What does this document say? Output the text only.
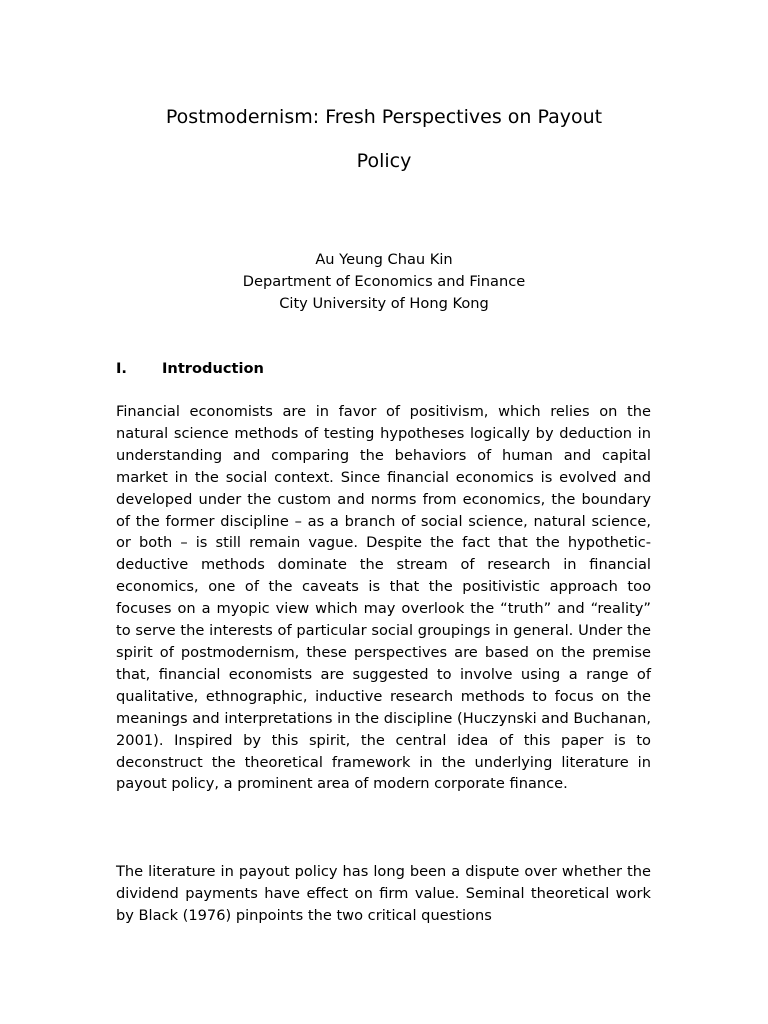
Postmodernism: Fresh Perspectives on Payout
Policy
Au Yeung Chau Kin
Department of Economics and Finance
City University of Hong Kong
I. Introduction

Financial economists are in favor of positivism, which relies on the natural science methods of testing hypotheses logically by deduction in understanding and comparing the behaviors of human and capital market in the social context. Since financial economics is evolved and developed under the custom and norms from economics, the boundary of the former discipline – as a branch of social science, natural science, or both – is still remain vague. Despite the fact that the hypothetic-deductive methods dominate the stream of research in financial economics, one of the caveats is that the positivistic approach too focuses on a myopic view which may overlook the “truth” and “reality” to serve the interests of particular social groupings in general. Under the spirit of postmodernism, these perspectives are based on the premise that, financial economists are suggested to involve using a range of qualitative, ethnographic, inductive research methods to focus on the meanings and interpretations in the discipline (Huczynski and Buchanan, 2001). Inspired by this spirit, the central idea of this paper is to deconstruct the theoretical framework in the underlying literature in payout policy, a prominent area of modern corporate finance.

The literature in payout policy has long been a dispute over whether the dividend payments have effect on firm value. Seminal theoretical work by Black (1976) pinpoints the two critical questions
